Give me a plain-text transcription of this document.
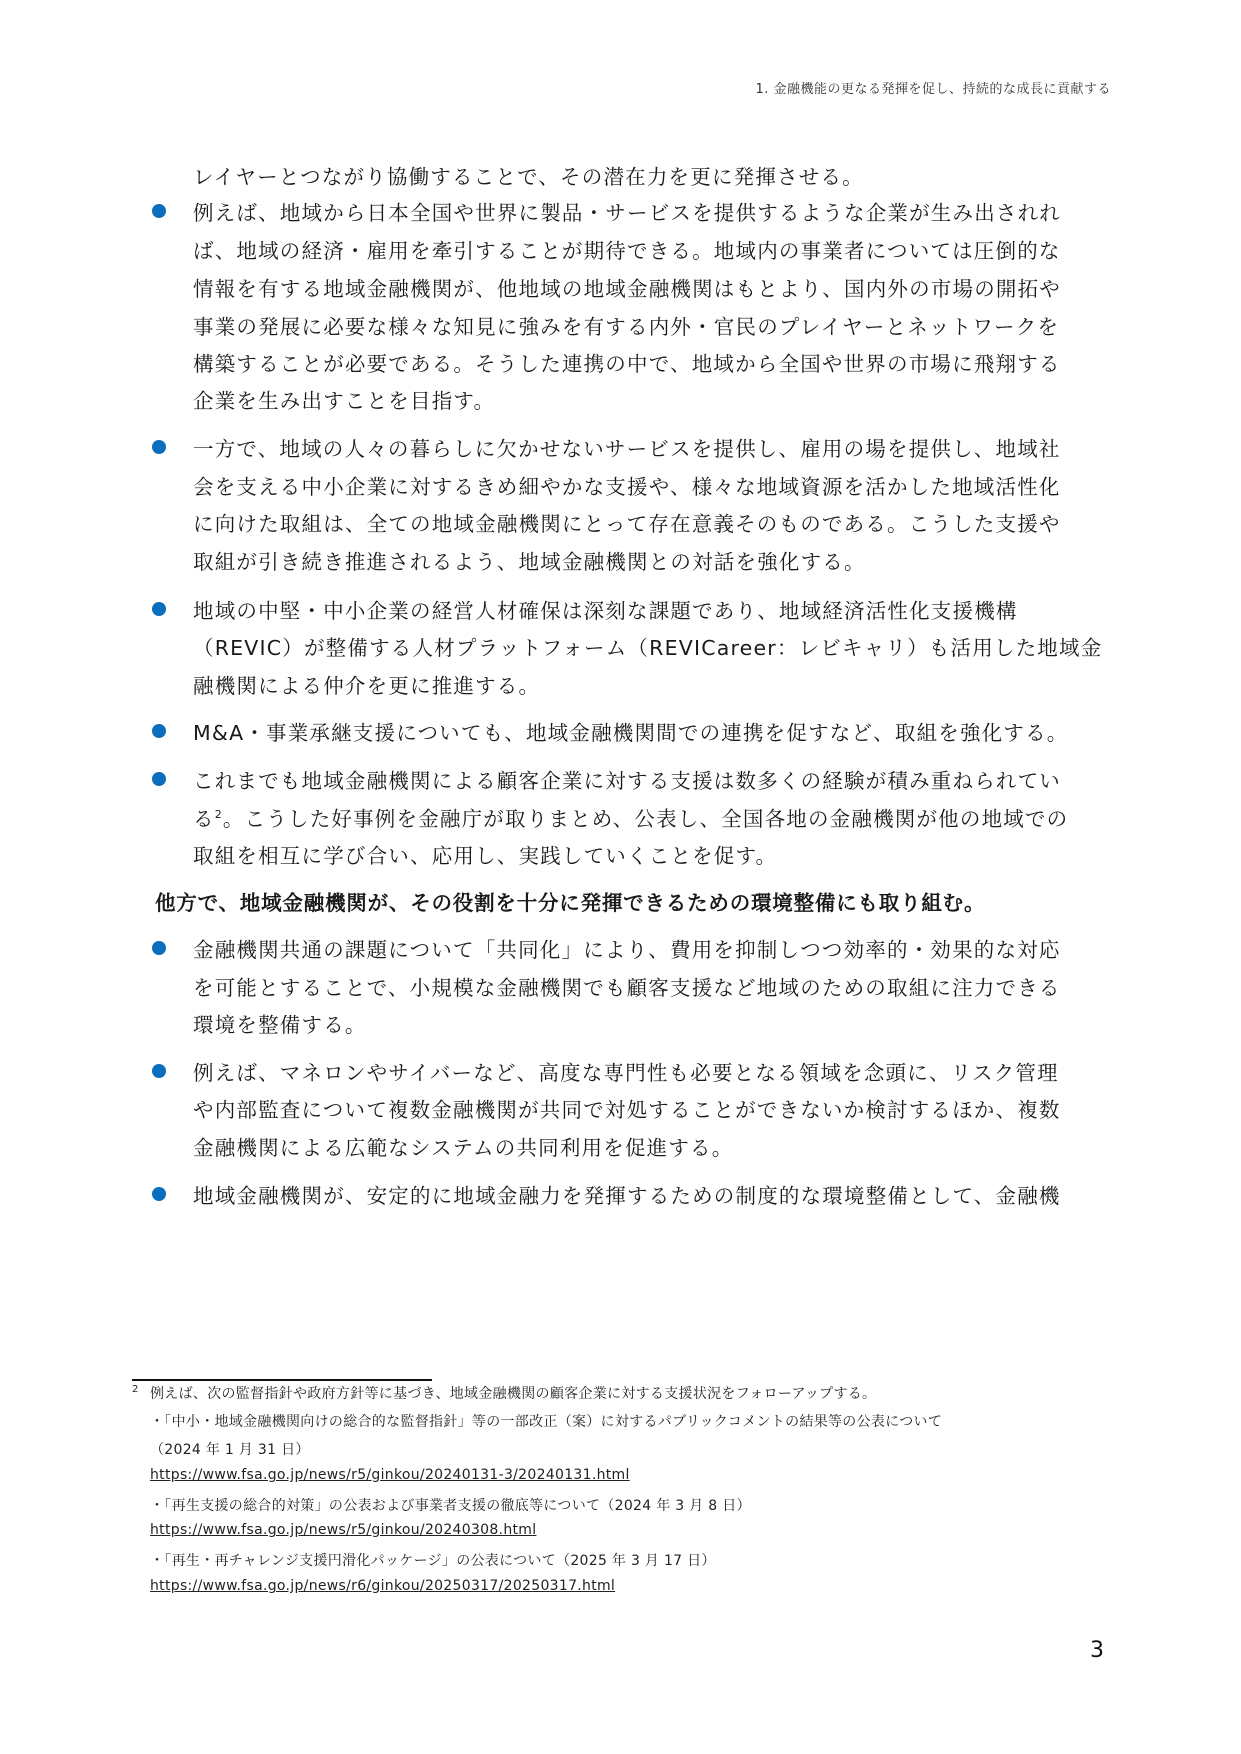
1. 金融機能の更なる発揮を促し、持続的な成長に貢献する
レイヤーとつながり協働することで、その潜在力を更に発揮させる。
例えば、地域から日本全国や世界に製品・サービスを提供するような企業が生み出されれ
ば、地域の経済・雇用を牽引することが期待できる。地域内の事業者については圧倒的な
情報を有する地域金融機関が、他地域の地域金融機関はもとより、国内外の市場の開拓や
事業の発展に必要な様々な知見に強みを有する内外・官民のプレイヤーとネットワークを
構築することが必要である。そうした連携の中で、地域から全国や世界の市場に飛翔する
企業を生み出すことを目指す。
一方で、地域の人々の暮らしに欠かせないサービスを提供し、雇用の場を提供し、地域社
会を支える中小企業に対するきめ細やかな支援や、様々な地域資源を活かした地域活性化
に向けた取組は、全ての地域金融機関にとって存在意義そのものである。こうした支援や
取組が引き続き推進されるよう、地域金融機関との対話を強化する。
地域の中堅・中小企業の経営人材確保は深刻な課題であり、地域経済活性化支援機構
（REVIC）が整備する人材プラットフォーム（REVICareer：レビキャリ）も活用した地域金
融機関による仲介を更に推進する。
M&A・事業承継支援についても、地域金融機関間での連携を促すなど、取組を強化する。
これまでも地域金融機関による顧客企業に対する支援は数多くの経験が積み重ねられてい
る$^2$。こうした好事例を金融庁が取りまとめ、公表し、全国各地の金融機関が他の地域での
取組を相互に学び合い、応用し、実践していくことを促す。
他方で、地域金融機関が、その役割を十分に発揮できるための環境整備にも取り組む。
金融機関共通の課題について「共同化」により、費用を抑制しつつ効率的・効果的な対応
を可能とすることで、小規模な金融機関でも顧客支援など地域のための取組に注力できる
環境を整備する。
例えば、マネロンやサイバーなど、高度な専門性も必要となる領域を念頭に、リスク管理
や内部監査について複数金融機関が共同で対処することができないか検討するほか、複数
金融機関による広範なシステムの共同利用を促進する。
地域金融機関が、安定的に地域金融力を発揮するための制度的な環境整備として、金融機
2 例えば、次の監督指針や政府方針等に基づき、地域金融機関の顧客企業に対する支援状況をフォローアップする。
・「中小・地域金融機関向けの総合的な監督指針」等の一部改正（案）に対するパブリックコメントの結果等の公表について
（2024 年 1 月 31 日）
https://www.fsa.go.jp/news/r5/ginkou/20240131-3/20240131.html
・「再生支援の総合的対策」の公表および事業者支援の徹底等について（2024 年 3 月 8 日）
https://www.fsa.go.jp/news/r5/ginkou/20240308.html
・「再生・再チャレンジ支援円滑化パッケージ」の公表について（2025 年 3 月 17 日）
https://www.fsa.go.jp/news/r6/ginkou/20250317/20250317.html
3
